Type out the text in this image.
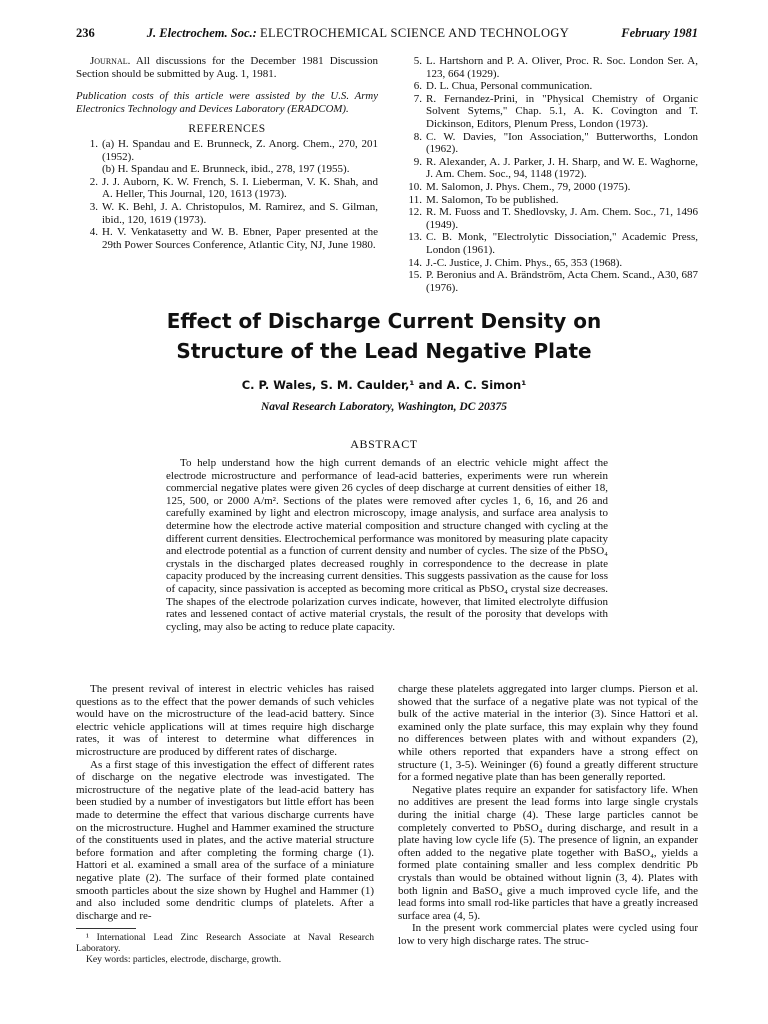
236	J. Electrochem. Soc.: ELECTROCHEMICAL SCIENCE AND TECHNOLOGY	February 1981

Journal. All discussions for the December 1981 Discussion Section should be submitted by Aug. 1, 1981.

Publication costs of this article were assisted by the U.S. Army Electronics Technology and Devices Laboratory (ERADCOM).

REFERENCES
1. (a) H. Spandau and E. Brunneck, Z. Anorg. Chem., 270, 201 (1952).
(b) H. Spandau and E. Brunneck, ibid., 278, 197 (1955).
2. J. J. Auborn, K. W. French, S. I. Lieberman, V. K. Shah, and A. Heller, This Journal, 120, 1613 (1973).
3. W. K. Behl, J. A. Christopulos, M. Ramirez, and S. Gilman, ibid., 120, 1619 (1973).
4. H. V. Venkatasetty and W. B. Ebner, Paper presented at the 29th Power Sources Conference, Atlantic City, NJ, June 1980.
5. L. Hartshorn and P. A. Oliver, Proc. R. Soc. London Ser. A, 123, 664 (1929).
6. D. L. Chua, Personal communication.
7. R. Fernandez-Prini, in "Physical Chemistry of Organic Solvent Sytems," Chap. 5.1, A. K. Covington and T. Dickinson, Editors, Plenum Press, London (1973).
8. C. W. Davies, "Ion Association," Butterworths, London (1962).
9. R. Alexander, A. J. Parker, J. H. Sharp, and W. E. Waghorne, J. Am. Chem. Soc., 94, 1148 (1972).
10. M. Salomon, J. Phys. Chem., 79, 2000 (1975).
11. M. Salomon, To be published.
12. R. M. Fuoss and T. Shedlovsky, J. Am. Chem. Soc., 71, 1496 (1949).
13. C. B. Monk, "Electrolytic Dissociation," Academic Press, London (1961).
14. J.-C. Justice, J. Chim. Phys., 65, 353 (1968).
15. P. Beronius and A. Brändström, Acta Chem. Scand., A30, 687 (1976).
Effect of Discharge Current Density on
Structure of the Lead Negative Plate
C. P. Wales, S. M. Caulder,¹ and A. C. Simon¹
Naval Research Laboratory, Washington, DC 20375
ABSTRACT
To help understand how the high current demands of an electric vehicle might affect the electrode microstructure and performance of lead-acid batteries, experiments were run wherein commercial negative plates were given 26 cycles of deep discharge at current densities of either 18, 125, 500, or 2000 A/m². Sections of the plates were removed after cycles 1, 6, 16, and 26 and carefully examined by light and electron microscopy, image analysis, and surface area analysis to determine how the electrode active material composition and structure changed with cycling at the different current densities. Electrochemical performance was monitored by measuring plate capacity and electrode potential as a function of current density and number of cycles. The size of the PbSO₄ crystals in the discharged plates decreased roughly in correspondence to the decrease in plate capacity produced by the increasing current densities. This suggests passivation as the cause for loss of capacity, since passivation is accepted as becoming more critical as PbSO₄ crystal size decreases. The shapes of the electrode polarization curves indicate, however, that limited electrolyte diffusion rates and lessened contact of active material crystals, the result of the porosity that develops with cycling, may also be acting to reduce plate capacity.

The present revival of interest in electric vehicles has raised questions as to the effect that the power demands of such vehicles would have on the microstructure of the lead-acid battery. Since electric vehicle applications will at times require high discharge rates, it was of interest to determine what differences in microstructure are produced by different rates of discharge.

As a first stage of this investigation the effect of different rates of discharge on the negative electrode was investigated. The microstructure of the negative plate of the lead-acid battery has been studied by a number of investigators but little effort has been made to determine the effect that various discharge currents have on the microstructure. Hughel and Hammer examined the structure of the constituents used in plates, and the active material structure before formation and after completing the forming charge (1). Hattori et al. examined a small area of the surface of a miniature negative plate (2). The surface of their formed plate contained smooth particles about the size shown by Hughel and Hammer (1) and also included some dendritic clumps of platelets. After a discharge and re-

¹ International Lead Zinc Research Associate at Naval Research Laboratory.

Key words: particles, electrode, discharge, growth.

charge these platelets aggregated into larger clumps. Pierson et al. showed that the surface of a negative plate was not typical of the bulk of the active material in the interior (3). Since Hattori et al. examined only the plate surface, this may explain why they found no differences between plates with and without expanders (2), while others reported that expanders have a strong effect on structure (1, 3-5). Weininger (6) found a greatly different structure for a formed negative plate than has been generally reported.

Negative plates require an expander for satisfactory life. When no additives are present the lead forms into large single crystals during the initial charge (4). These large particles cannot be completely converted to PbSO₄ during discharge, and result in a plate having low cycle life (5). The presence of lignin, an expander often added to the negative plate together with BaSO₄, yields a formed plate containing smaller and less complex dendritic Pb crystals than would be obtained without lignin (3, 4). Plates with both lignin and BaSO₄ give a much improved cycle life, and the lead forms into small rod-like particles that have a greatly increased surface area (4, 5).

In the present work commercial plates were cycled using four low to very high discharge rates. The struc-
